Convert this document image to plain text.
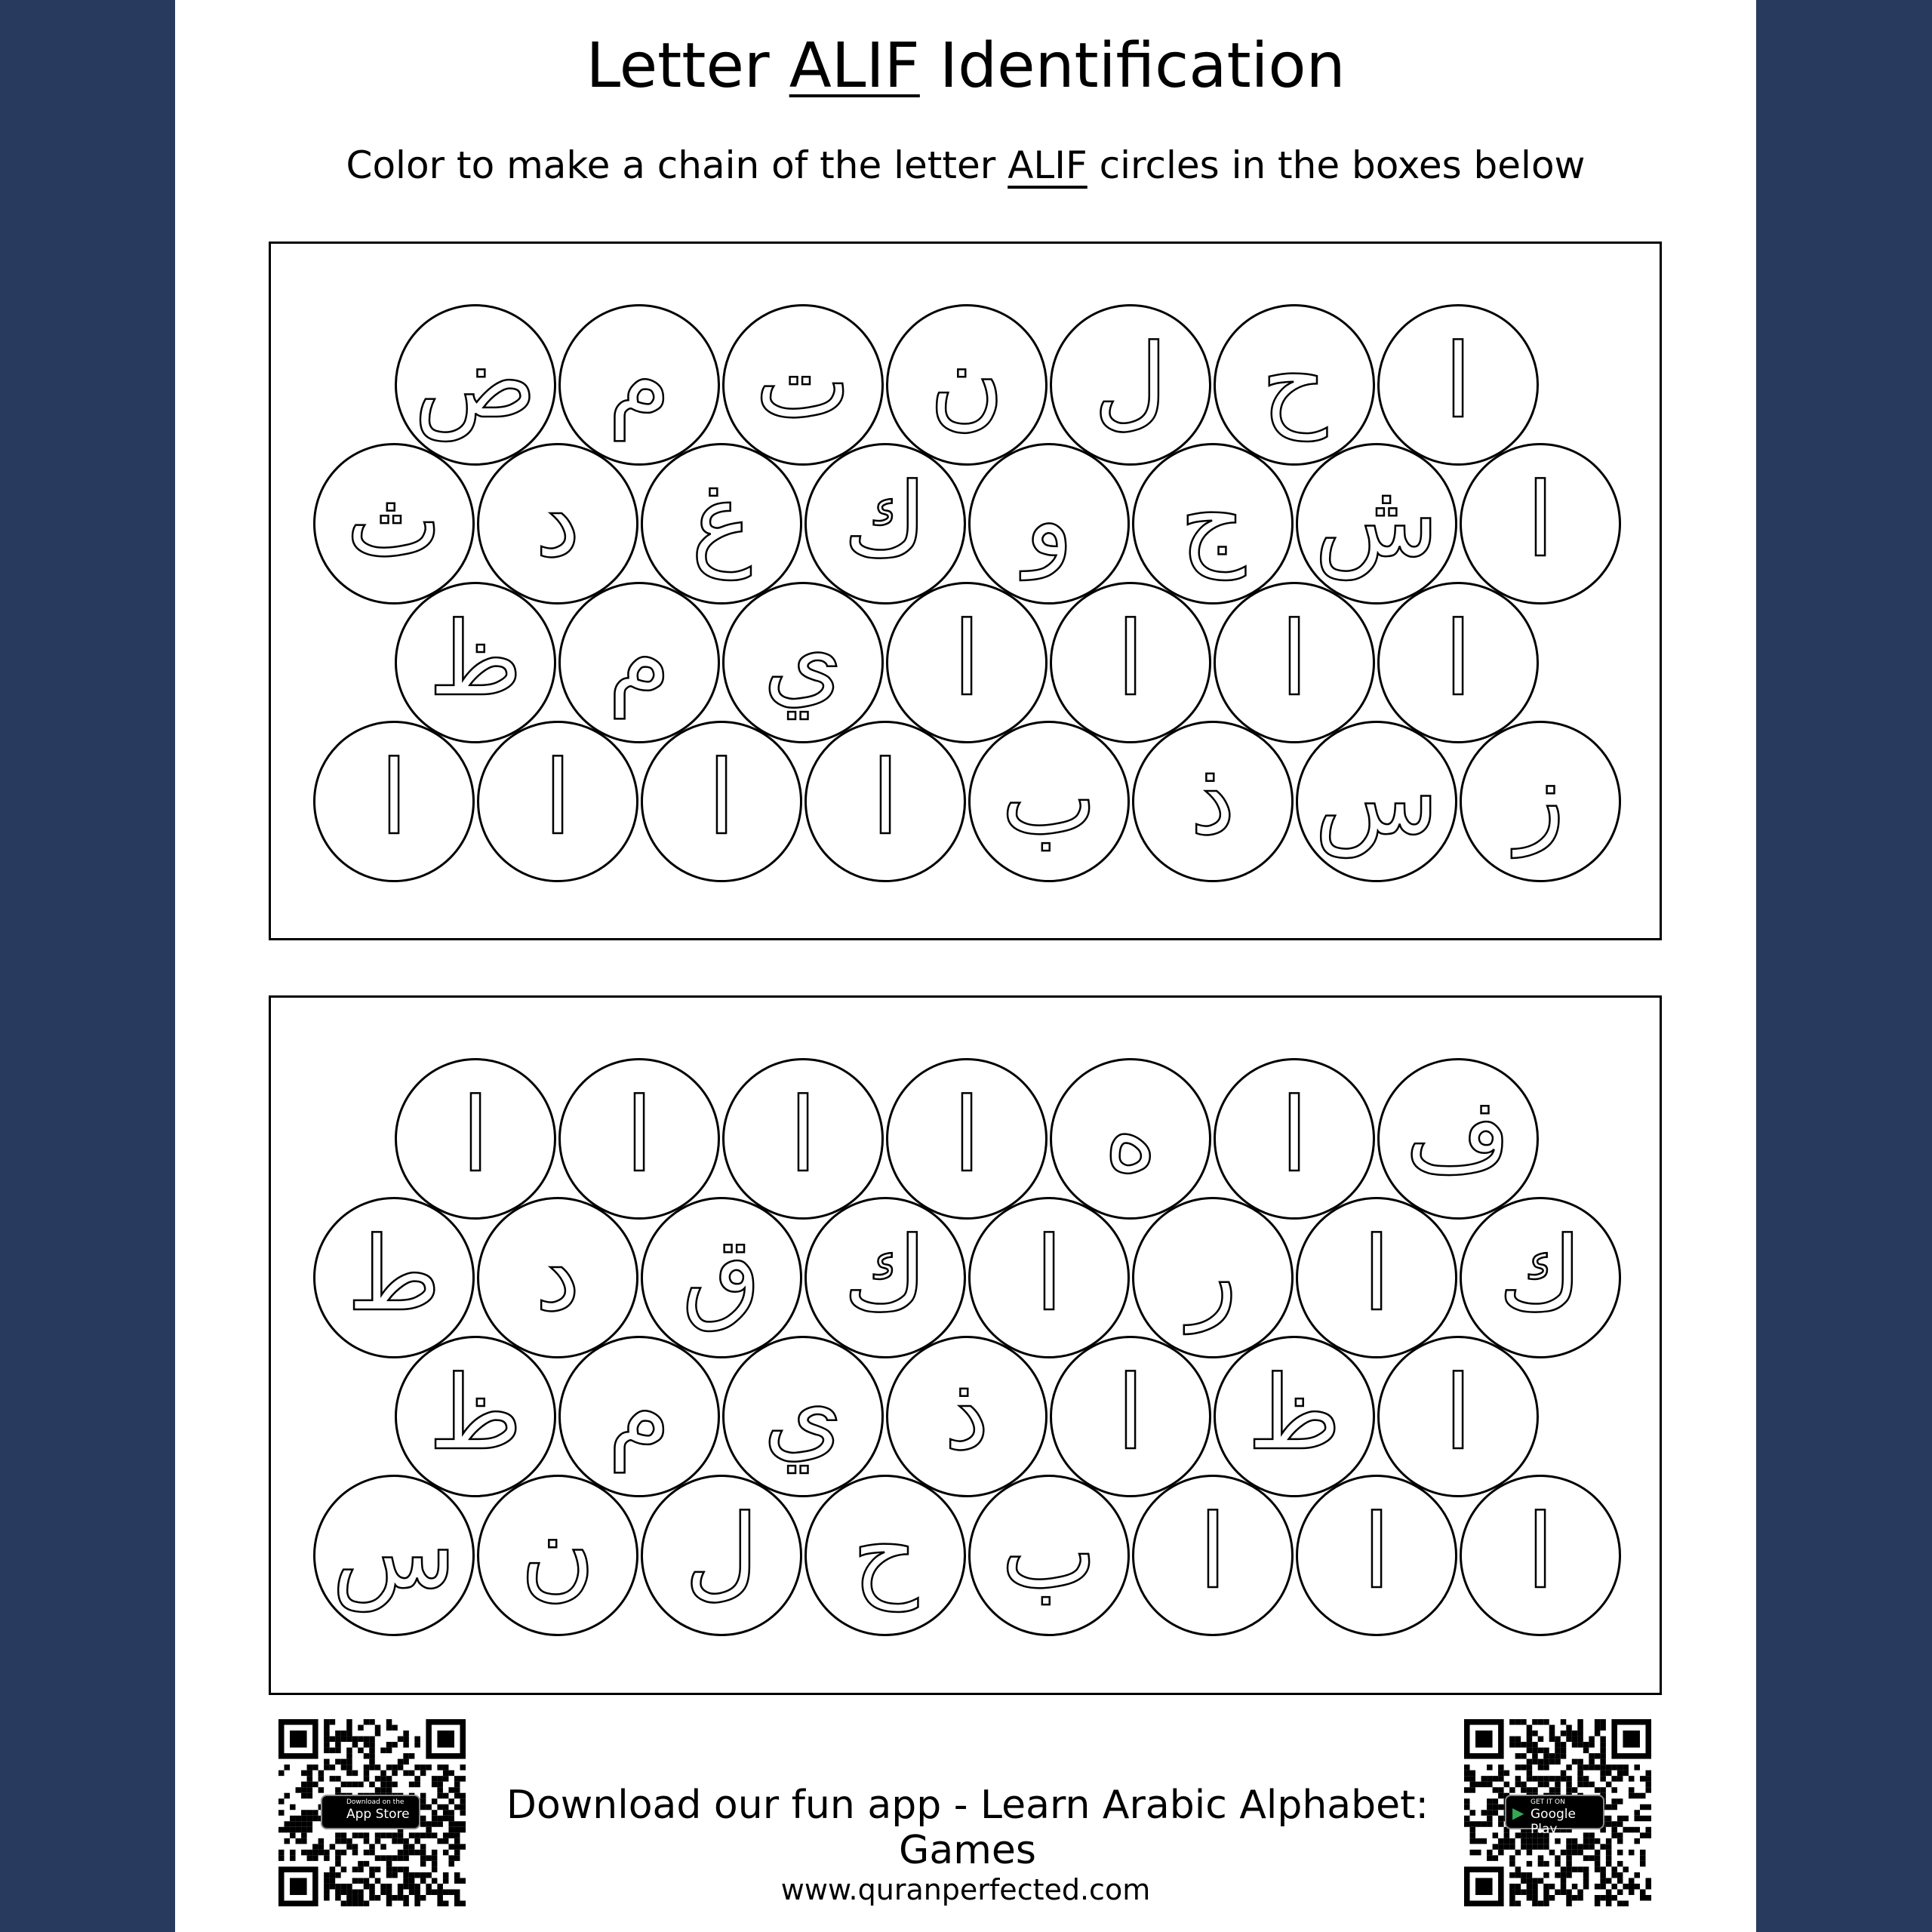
Letter ALIF Identification
Color to make a chain of the letter ALIF circles in the boxes below
ض م ت ن ل ح ا
ث د غ ك و ج ش ا
ظ م ي ا ا ا ا
ا ا ا ا ب ذ س ز
ا ا ا ا ه ا ف
ط د ق ك ا ر ا ك
ظ م ي ذ ا ظ ا
س ن ل ح ب ا ا ا
Download on the
App Store	Download our fun app - Learn Arabic Alphabet: Games
▶
GET IT ON
Google Play
www.quranperfected.com
